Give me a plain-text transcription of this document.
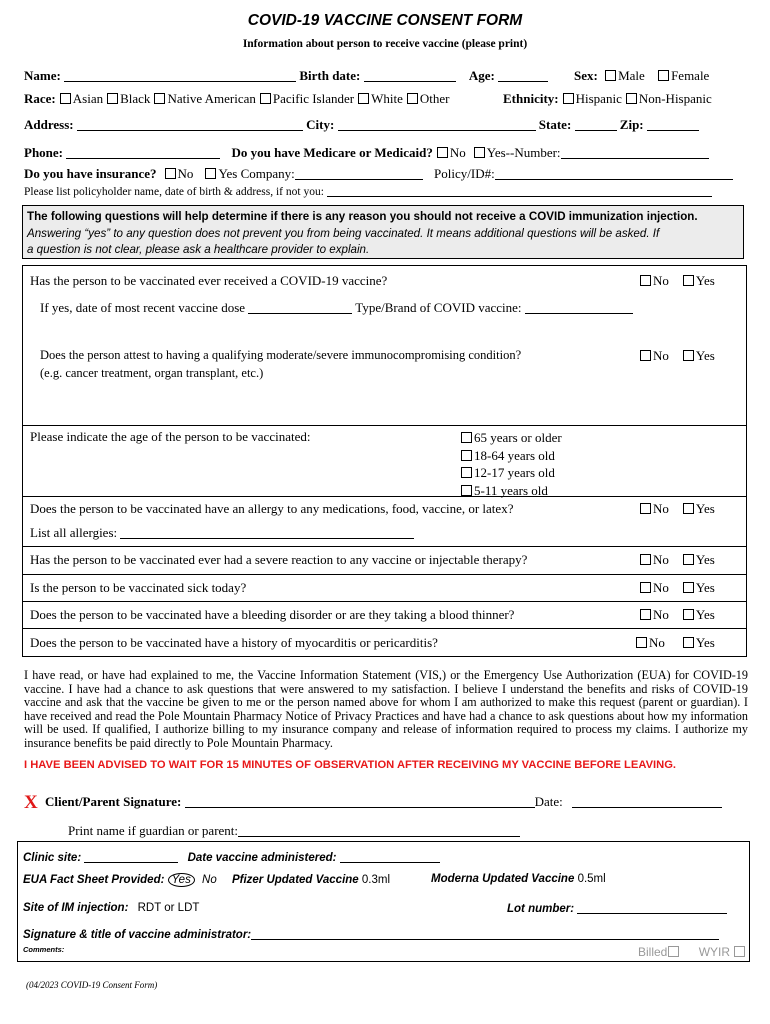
COVID-19 VACCINE CONSENT FORM
Information about person to receive vaccine (please print)
Name:	Birth date:	Age:	Sex: Male Female
Race: Asian Black Native American Pacific Islander White Other	Ethnicity: Hispanic Non-Hispanic
Address:	City:	State:	Zip:
Phone:	Do you have Medicare or Medicaid? No Yes--Number:
Do you have insurance? No Yes Company:	Policy/ID#:
Please list policyholder name, date of birth & address, if not you:
The following questions will help determine if there is any reason you should not receive a COVID immunization injection.
Answering “yes” to any question does not prevent you from being vaccinated. It means additional questions will be asked. If
a question is not clear, please ask a healthcare provider to explain.
Has the person to be vaccinated ever received a COVID-19 vaccine?	No Yes
If yes, date of most recent vaccine dose	Type/Brand of COVID vaccine:
Does the person attest to having a qualifying moderate/severe immunocompromising condition?
(e.g. cancer treatment, organ transplant, etc.)
No Yes
Please indicate the age of the person to be vaccinated:	65 years or older
18-64 years old
12-17 years old
5-11 years old
Does the person to be vaccinated have an allergy to any medications, food, vaccine, or latex?	No Yes
List all allergies:
Has the person to be vaccinated ever had a severe reaction to any vaccine or injectable therapy?	No Yes
Is the person to be vaccinated sick today?	No Yes
Does the person to be vaccinated have a bleeding disorder or are they taking a blood thinner?	No Yes
Does the person to be vaccinated have a history of myocarditis or pericarditis?	No Yes
I have read, or have had explained to me, the Vaccine Information Statement (VIS,) or the Emergency Use Authorization (EUA) for COVID-19 vaccine. I have had a chance to ask questions that were answered to my satisfaction. I believe I understand the benefits and risks of COVID-19 vaccine and ask that the vaccine be given to me or the person named above for whom I am authorized to make this request (parent or guardian). I have received and read the Pole Mountain Pharmacy Notice of Privacy Practices and have had a chance to ask questions about how my information will be used. If qualified, I authorize billing to my insurance company and release of information required to process my claims. I authorize my insurance benefits be paid directly to Pole Mountain Pharmacy.
I HAVE BEEN ADVISED TO WAIT FOR 15 MINUTES OF OBSERVATION AFTER RECEIVING MY VACCINE BEFORE LEAVING.
X Client/Parent Signature:	Date:
Print name if guardian or parent:
Clinic site:	Date vaccine administered:
EUA Fact Sheet Provided: Yes No Pfizer Updated Vaccine 0.3ml	Moderna Updated Vaccine 0.5ml
Site of IM injection: RDT or LDT	Lot number:
Signature & title of vaccine administrator:
Comments:	Billed	WYIR
(04/2023 COVID-19 Consent Form)
